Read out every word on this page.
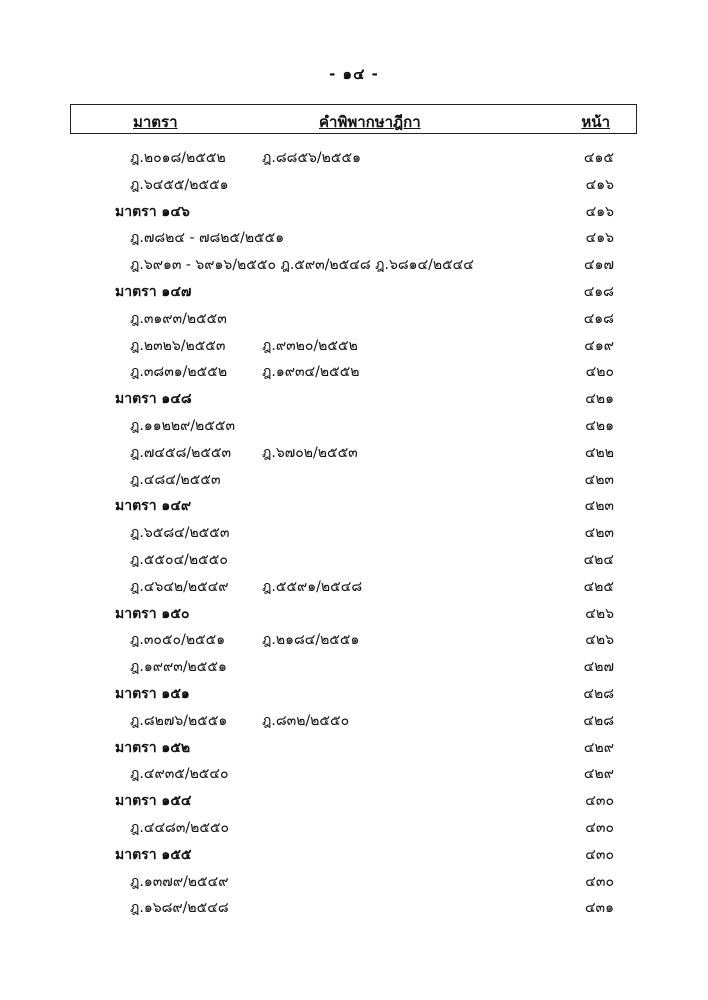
- ๑๔ -
มาตรา	คำพิพากษาฎีกา	หน้า
ฎ.๒๐๑๘/๒๕๕๒	ฎ.๘๘๕๖/๒๕๕๑	๔๑๕
ฎ.๖๔๕๕/๒๕๕๑	๔๑๖
มาตรา ๑๔๖	๔๑๖
ฎ.๗๘๒๔ - ๗๘๒๕/๒๕๕๑	๔๑๖
ฎ.๖๙๑๓ - ๖๙๑๖/๒๕๕๐ ฎ.๕๙๓/๒๕๔๘ ฎ.๖๘๑๔/๒๕๔๔	๔๑๗
มาตรา ๑๔๗	๔๑๘
ฎ.๓๑๙๓/๒๕๕๓	๔๑๘
ฎ.๒๓๒๖/๒๕๕๓	ฎ.๙๓๒๐/๒๕๕๒	๔๑๙
ฎ.๓๘๓๑/๒๕๕๒ ฎ.๑๙๓๔/๒๕๕๒	๔๒๐
มาตรา ๑๔๘	๔๒๑
ฎ.๑๑๒๒๙/๒๕๕๓	๔๒๑
ฎ.๗๔๕๘/๒๕๕๓ ฎ.๖๗๐๒/๒๕๕๓	๔๒๒
ฎ.๔๘๔/๒๕๕๓	๔๒๓
มาตรา ๑๔๙	๔๒๓
ฎ.๖๕๘๔/๒๕๕๓	๔๒๓
ฎ.๕๕๐๔/๒๕๕๐	๔๒๔
ฎ.๔๖๔๒/๒๕๔๙ ฎ.๕๕๙๑/๒๕๔๘	๔๒๕
มาตรา ๑๕๐	๔๒๖
ฎ.๓๐๕๐/๒๕๕๑	ฎ.๒๑๘๔/๒๕๕๑	๔๒๖
ฎ.๑๙๙๓/๒๕๕๑	๔๒๗
มาตรา ๑๕๑	๔๒๘
ฎ.๘๒๗๖/๒๕๕๑ ฎ.๘๓๒/๒๕๕๐	๔๒๘
มาตรา ๑๕๒	๔๒๙
ฎ.๔๙๓๕/๒๕๔๐	๔๒๙
มาตรา ๑๕๔	๔๓๐
ฎ.๔๔๘๓/๒๕๕๐	๔๓๐
มาตรา ๑๕๕	๔๓๐
ฎ.๑๓๗๙/๒๕๔๙	๔๓๐
ฎ.๑๖๘๙/๒๕๔๘	๔๓๑
